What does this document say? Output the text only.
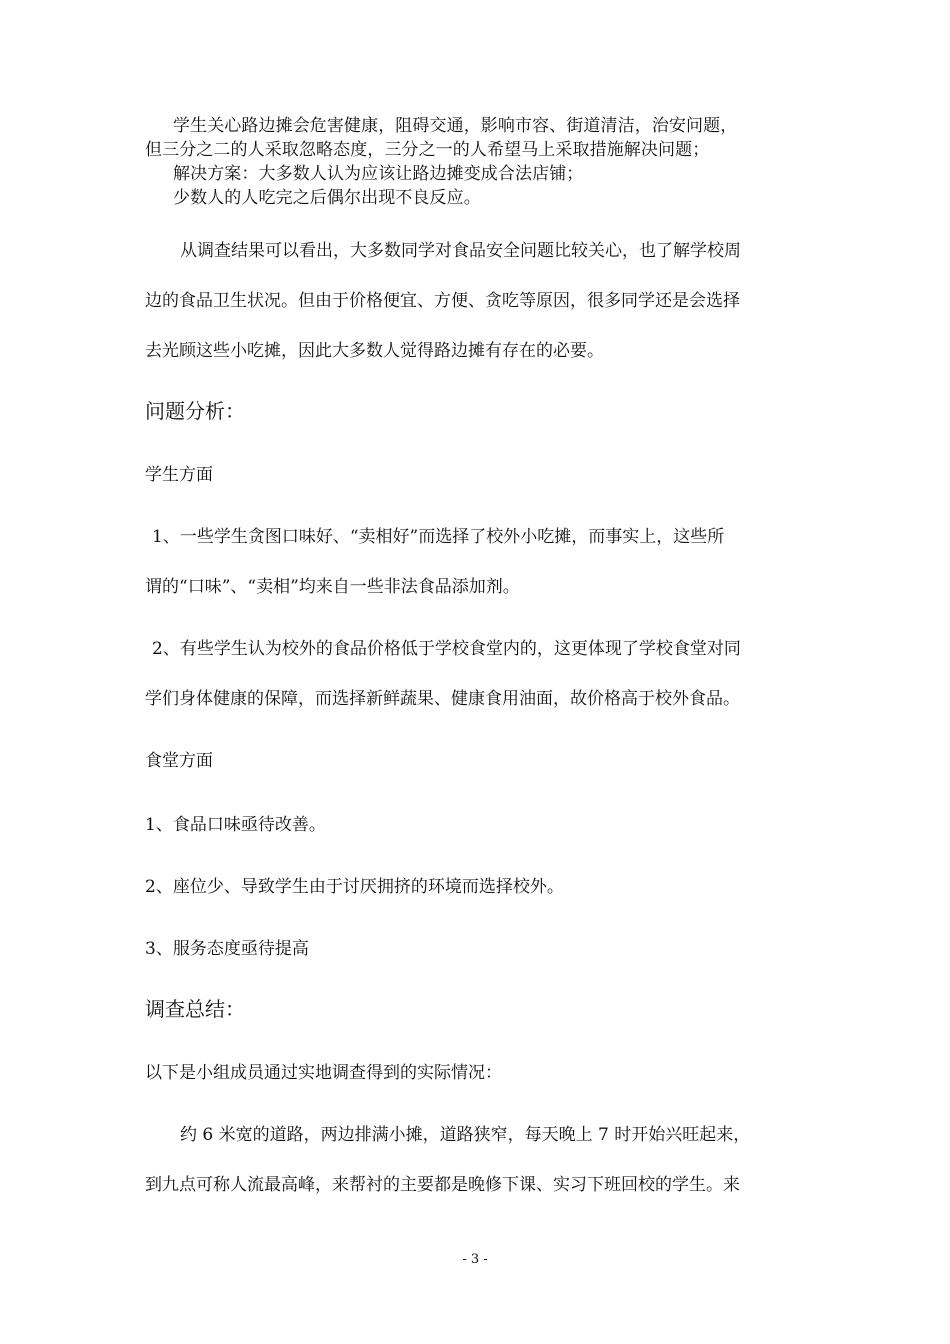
学生关心路边摊会危害健康，阻碍交通，影响市容、街道清洁，治安问题，
但三分之二的人采取忽略态度，三分之一的人希望马上采取措施解决问题；
解决方案：大多数人认为应该让路边摊变成合法店铺；
少数人的人吃完之后偶尔出现不良反应。
从调查结果可以看出，大多数同学对食品安全问题比较关心，也了解学校周
边的食品卫生状况。但由于价格便宜、方便、贪吃等原因，很多同学还是会选择
去光顾这些小吃摊，因此大多数人觉得路边摊有存在的必要。
问题分析：
学生方面
1、一些学生贪图口味好、“卖相好”而选择了校外小吃摊，而事实上，这些所
谓的“口味”、“卖相”均来自一些非法食品添加剂。
2、有些学生认为校外的食品价格低于学校食堂内的，这更体现了学校食堂对同
学们身体健康的保障，而选择新鲜蔬果、健康食用油面，故价格高于校外食品。
食堂方面
1、食品口味亟待改善。
2、座位少、导致学生由于讨厌拥挤的环境而选择校外。
3、服务态度亟待提高
调查总结：
以下是小组成员通过实地调查得到的实际情况：
约 6 米宽的道路，两边排满小摊，道路狭窄，每天晚上 7 时开始兴旺起来，
到九点可称人流最高峰，来帮衬的主要都是晚修下课、实习下班回校的学生。来
- 3 -
